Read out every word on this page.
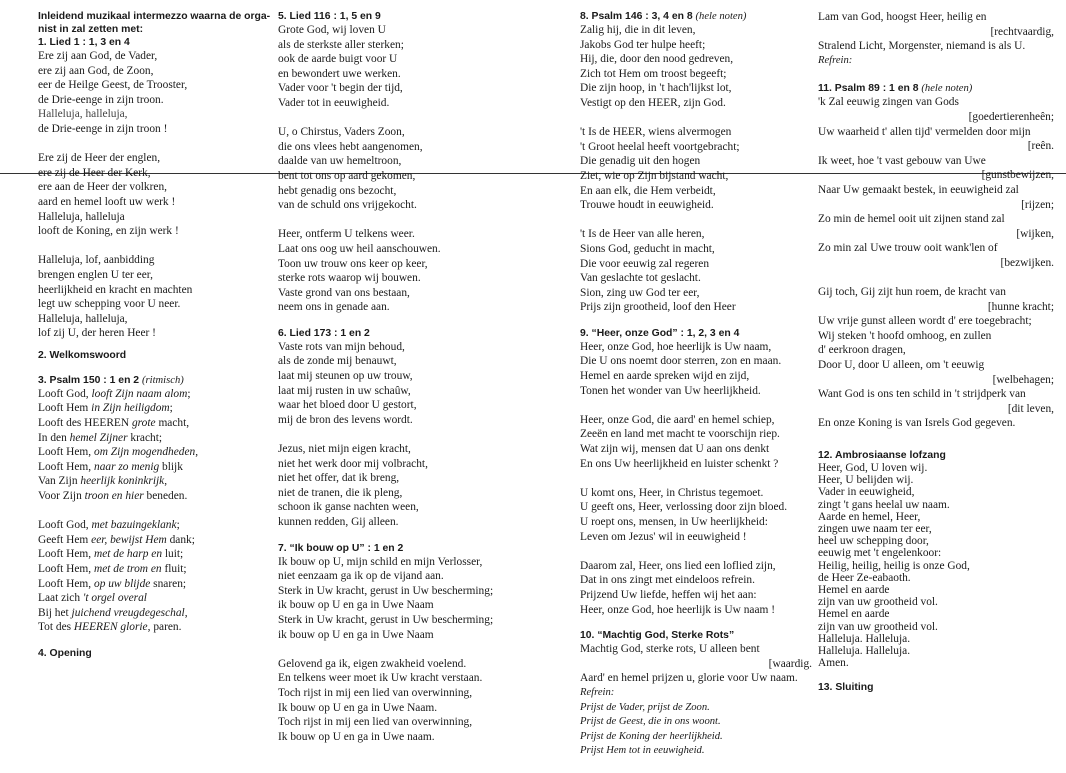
Inleidend muzikaal intermezzo waarna de orga-
nist in zal zetten met:
1. Lied 1 : 1, 3 en 4
Ere zij aan God, de Vader,
ere zij aan God, de Zoon,
eer de Heilge Geest, de Trooster,
de Drie-eenge in zijn troon.
Halleluja, halleluja,
de Drie-eenge in zijn troon !
Ere zij de Heer der englen,
ere zij de Heer der Kerk,
ere aan de Heer der volkren,
aard en hemel looft uw werk !
Halleluja, halleluja
looft de Koning, en zijn werk !
Halleluja, lof, aanbidding
brengen englen U ter eer,
heerlijkheid en kracht en machten
legt uw schepping voor U neer.
Halleluja, halleluja,
lof zij U, der heren Heer !
2. Welkomswoord
3. Psalm 150 : 1 en 2 (ritmisch)
Looft God, looft Zijn naam alom;
Looft Hem in Zijn heiligdom;
Looft des HEEREN grote macht,
In den hemel Zijner kracht;
Looft Hem, om Zijn mogendheden,
Looft Hem, naar zo menig blijk
Van Zijn heerlijk koninkrijk,
Voor Zijn troon en hier beneden.
Looft God, met bazuingeklank;
Geeft Hem eer, bewijst Hem dank;
Looft Hem, met de harp en luit;
Looft Hem, met de trom en fluit;
Looft Hem, op uw blijde snaren;
Laat zich 't orgel overal
Bij het juichend vreugdegeschal,
Tot des HEEREN glorie, paren.
4. Opening
5. Lied 116 : 1, 5 en 9
Grote God, wij loven U
als de sterkste aller sterken;
ook de aarde buigt voor U
en bewondert uwe werken.
Vader voor 't begin der tijd,
Vader tot in eeuwigheid.
U, o Chirstus, Vaders Zoon,
die ons vlees hebt aangenomen,
daalde van uw hemeltroon,
bent tot ons op aard gekomen,
hebt genadig ons bezocht,
van de schuld ons vrijgekocht.
Heer, ontferm U telkens weer.
Laat ons oog uw heil aanschouwen.
Toon uw trouw ons keer op keer,
sterke rots waarop wij bouwen.
Vaste grond van ons bestaan,
neem ons in genade aan.
6. Lied 173 : 1 en 2
Vaste rots van mijn behoud,
als de zonde mij benauwt,
laat mij steunen op uw trouw,
laat mij rusten in uw schaûw,
waar het bloed door U gestort,
mij de bron des levens wordt.
Jezus, niet mijn eigen kracht,
niet het werk door mij volbracht,
niet het offer, dat ik breng,
niet de tranen, die ik pleng,
schoon ik ganse nachten ween,
kunnen redden, Gij alleen.
7. “Ik bouw op U” : 1 en 2
Ik bouw op U, mijn schild en mijn Verlosser,
niet eenzaam ga ik op de vijand aan.
Sterk in Uw kracht, gerust in Uw bescherming;
ik bouw op U en ga in Uwe Naam
Sterk in Uw kracht, gerust in Uw bescherming;
ik bouw op U en ga in Uwe Naam
Gelovend ga ik, eigen zwakheid voelend.
En telkens weer moet ik Uw kracht verstaan.
Toch rijst in mij een lied van overwinning,
Ik bouw op U en ga in Uwe Naam.
Toch rijst in mij een lied van overwinning,
Ik bouw op U en ga in Uwe naam.
8. Psalm 146 : 3, 4 en 8 (hele noten)
Zalig hij, die in dit leven,
Jakobs God ter hulpe heeft;
Hij, die, door den nood gedreven,
Zich tot Hem om troost begeeft;
Die zijn hoop, in 't hach'lijkst lot,
Vestigt op den HEER, zijn God.
't Is de HEER, wiens alvermogen
't Groot heelal heeft voortgebracht;
Die genadig uit den hogen
Ziet, wie op Zijn bijstand wacht,
En aan elk, die Hem verbeidt,
Trouwe houdt in eeuwigheid.
't Is de Heer van alle heren,
Sions God, geducht in macht,
Die voor eeuwig zal regeren
Van geslachte tot geslacht.
Sion, zing uw God ter eer,
Prijs zijn grootheid, loof den Heer
9. “Heer, onze God” : 1, 2, 3 en 4
Heer, onze God, hoe heerlijk is Uw naam,
Die U ons noemt door sterren, zon en maan.
Hemel en aarde spreken wijd en zijd,
Tonen het wonder van Uw heerlijkheid.
Heer, onze God, die aard' en hemel schiep,
Zeeën en land met macht te voorschijn riep.
Wat zijn wij, mensen dat U aan ons denkt
En ons Uw heerlijkheid en luister schenkt ?
U komt ons, Heer, in Christus tegemoet.
U geeft ons, Heer, verlossing door zijn bloed.
U roept ons, mensen, in Uw heerlijkheid:
Leven om Jezus' wil in eeuwigheid !
Daarom zal, Heer, ons lied een loflied zijn,
Dat in ons zingt met eindeloos refrein.
Prijzend Uw liefde, heffen wij het aan:
Heer, onze God, hoe heerlijk is Uw naam !
10. “Machtig God, Sterke Rots”
Machtig God, sterke rots, U alleen bent
[waardig.
Aard' en hemel prijzen u, glorie voor Uw naam.
Refrein:
Prijst de Vader, prijst de Zoon.
Prijst de Geest, die in ons woont.
Prijst de Koning der heerlijkheid.
Prijst Hem tot in eeuwigheid.
Lam van God, hoogst Heer, heilig en
[rechtvaardig,
Stralend Licht, Morgenster, niemand is als U.
Refrein:
11. Psalm 89 : 1 en 8 (hele noten)
'k Zal eeuwig zingen van Gods
[goedertierenheên;
Uw waarheid t' allen tijd' vermelden door mijn
[reên.
Ik weet, hoe 't vast gebouw van Uwe
[gunstbewijzen,
Naar Uw gemaakt bestek, in eeuwigheid zal
[rijzen;
Zo min de hemel ooit uit zijnen stand zal
[wijken,
Zo min zal Uwe trouw ooit wank'len of
[bezwijken.
Gij toch, Gij zijt hun roem, de kracht van
[hunne kracht;
Uw vrije gunst alleen wordt d' ere toegebracht;
Wij steken 't hoofd omhoog, en zullen
d' eerkroon dragen,
Door U, door U alleen, om 't eeuwig
[welbehagen;
Want God is ons ten schild in 't strijdperk van
[dit leven,
En onze Koning is van Isrels God gegeven.
12. Ambrosiaanse lofzang
Heer, God, U loven wij.
Heer, U belijden wij.
Vader in eeuwigheid,
zingt 't gans heelal uw naam.
Aarde en hemel, Heer,
zingen uwe naam ter eer,
heel uw schepping door,
eeuwig met 't engelenkoor:
Heilig, heilig, heilig is onze God,
de Heer Ze-eabaoth.
Hemel en aarde
zijn van uw grootheid vol.
Hemel en aarde
zijn van uw grootheid vol.
Halleluja. Halleluja.
Halleluja. Halleluja.
Amen.
13. Sluiting
